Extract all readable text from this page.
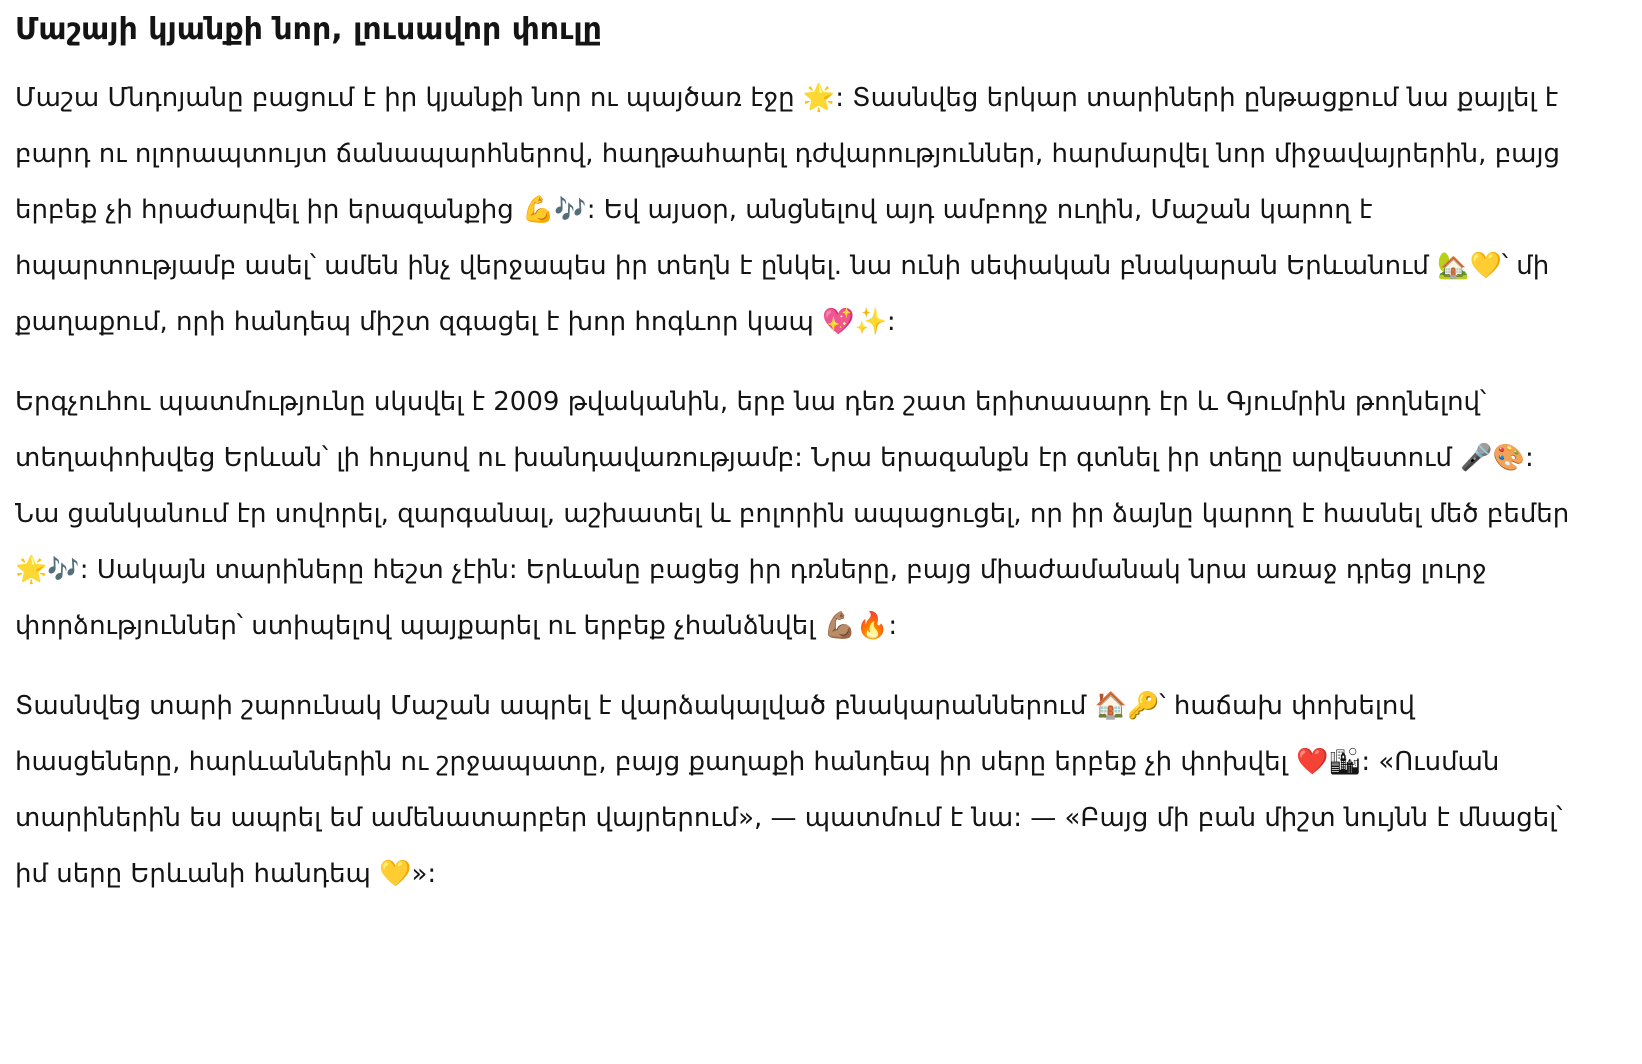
Մաշայի կյանքի նոր, լուսավոր փուլը

Մաշա Մնդոյանը բացում է իր կյանքի նոր ու պայծառ էջը 🌟: Տասնվեց երկար տարիների ընթացքում նա քայլել է բարդ ու ոլորապտույտ ճանապարհներով, հաղթահարել դժվարություններ, հարմարվել նոր միջավայրերին, բայց երբեք չի հրաժարվել իր երազանքից 💪🎶: Եվ այսօր, անցնելով այդ ամբողջ ուղին, Մաշան կարող է հպարտությամբ ասել՝ ամեն ինչ վերջապես իր տեղն է ընկել. նա ունի սեփական բնակարան Երևանում 🏡💛՝ մի քաղաքում, որի հանդեպ միշտ զգացել է խոր հոգևոր կապ 💖✨:

Երգչուհու պատմությունը սկսվել է 2009 թվականին, երբ նա դեռ շատ երիտասարդ էր և Գյումրին թողնելով՝ տեղափոխվեց Երևան՝ լի հույսով ու խանդավառությամբ: Նրա երազանքն էր գտնել իր տեղը արվեստում 🎤🎨: Նա ցանկանում էր սովորել, զարգանալ, աշխատել և բոլորին ապացուցել, որ իր ձայնը կարող է հասնել մեծ բեմեր 🌟🎶: Սակայն տարիները հեշտ չէին: Երևանը բացեց իր դռները, բայց միաժամանակ նրա առաջ դրեց լուրջ փորձություններ՝ ստիպելով պայքարել ու երբեք չհանձնվել 💪🏽🔥:

Տասնվեց տարի շարունակ Մաշան ապրել է վարձակալված բնակարաններում 🏠🔑՝ հաճախ փոխելով հասցեները, հարևաններին ու շրջապատը, բայց քաղաքի հանդեպ իր սերը երբեք չի փոխվել ❤️🏙: «Ուսման տարիներին ես ապրել եմ ամենատարբեր վայրերում», — պատմում է նա: — «Բայց մի բան միշտ նույնն է մնացել՝ իմ սերը Երևանի հանդեպ 💛»:
